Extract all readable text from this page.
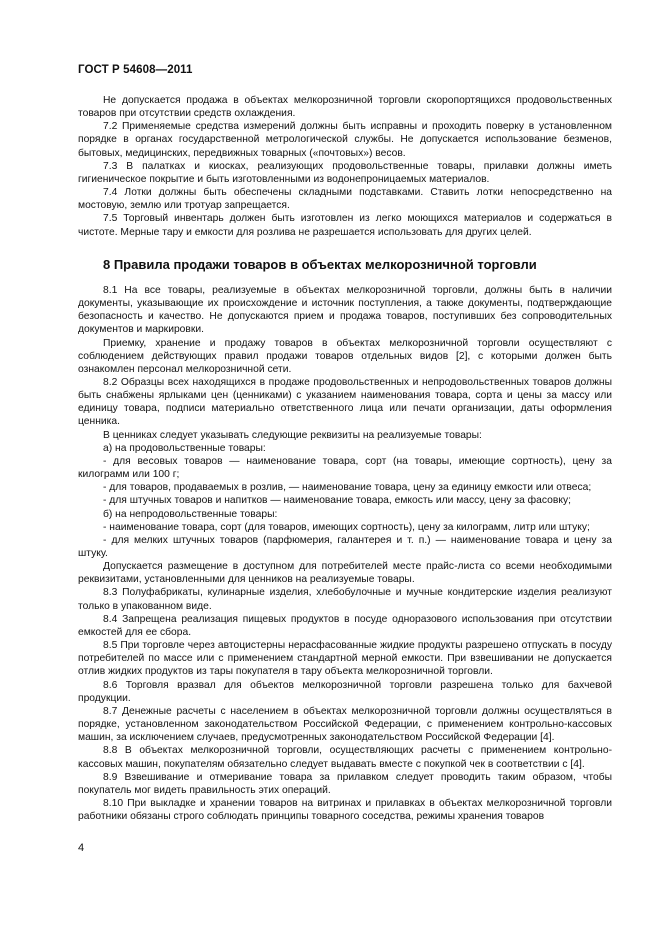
ГОСТ Р 54608—2011

Не допускается продажа в объектах мелкорозничной торговли скоропортящихся продовольственных товаров при отсутствии средств охлаждения.

7.2 Применяемые средства измерений должны быть исправны и проходить поверку в установленном порядке в органах государственной метрологической службы. Не допускается использование безменов, бытовых, медицинских, передвижных товарных («почтовых») весов.

7.3 В палатках и киосках, реализующих продовольственные товары, прилавки должны иметь гигиеническое покрытие и быть изготовленными из водонепроницаемых материалов.

7.4 Лотки должны быть обеспечены складными подставками. Ставить лотки непосредственно на мостовую, землю или тротуар запрещается.

7.5 Торговый инвентарь должен быть изготовлен из легко моющихся материалов и содержаться в чистоте. Мерные тару и емкости для розлива не разрешается использовать для других целей.

8 Правила продажи товаров в объектах мелкорозничной торговли

8.1 На все товары, реализуемые в объектах мелкорозничной торговли, должны быть в наличии документы, указывающие их происхождение и источник поступления, а также документы, подтверждающие безопасность и качество. Не допускаются прием и продажа товаров, поступивших без сопроводительных документов и маркировки.

Приемку, хранение и продажу товаров в объектах мелкорозничной торговли осуществляют с соблюдением действующих правил продажи товаров отдельных видов [2], с которыми должен быть ознакомлен персонал мелкорозничной сети.

8.2 Образцы всех находящихся в продаже продовольственных и непродовольственных товаров должны быть снабжены ярлыками цен (ценниками) с указанием наименования товара, сорта и цены за массу или единицу товара, подписи материально ответственного лица или печати организации, даты оформления ценника.

В ценниках следует указывать следующие реквизиты на реализуемые товары:

а) на продовольственные товары:

- для весовых товаров — наименование товара, сорт (на товары, имеющие сортность), цену за килограмм или 100 г;

- для товаров, продаваемых в розлив, — наименование товара, цену за единицу емкости или отвеса;

- для штучных товаров и напитков — наименование товара, емкость или массу, цену за фасовку;

б) на непродовольственные товары:

- наименование товара, сорт (для товаров, имеющих сортность), цену за килограмм, литр или штуку;

- для мелких штучных товаров (парфюмерия, галантерея и т. п.) — наименование товара и цену за штуку.

Допускается размещение в доступном для потребителей месте прайс-листа со всеми необходимыми реквизитами, установленными для ценников на реализуемые товары.

8.3 Полуфабрикаты, кулинарные изделия, хлебобулочные и мучные кондитерские изделия реализуют только в упакованном виде.

8.4 Запрещена реализация пищевых продуктов в посуде одноразового использования при отсутствии емкостей для ее сбора.

8.5 При торговле через автоцистерны нерасфасованные жидкие продукты разрешено отпускать в посуду потребителей по массе или с применением стандартной мерной емкости. При взвешивании не допускается отлив жидких продуктов из тары покупателя в тару объекта мелкорозничной торговли.

8.6 Торговля вразвал для объектов мелкорозничной торговли разрешена только для бахчевой продукции.

8.7 Денежные расчеты с населением в объектах мелкорозничной торговли должны осуществляться в порядке, установленном законодательством Российской Федерации, с применением контрольно-кассовых машин, за исключением случаев, предусмотренных законодательством Российской Федерации [4].

8.8 В объектах мелкорозничной торговли, осуществляющих расчеты с применением контрольно-кассовых машин, покупателям обязательно следует выдавать вместе с покупкой чек в соответствии с [4].

8.9 Взвешивание и отмеривание товара за прилавком следует проводить таким образом, чтобы покупатель мог видеть правильность этих операций.

8.10 При выкладке и хранении товаров на витринах и прилавках в объектах мелкорозничной торговли работники обязаны строго соблюдать принципы товарного соседства, режимы хранения товаров

4
